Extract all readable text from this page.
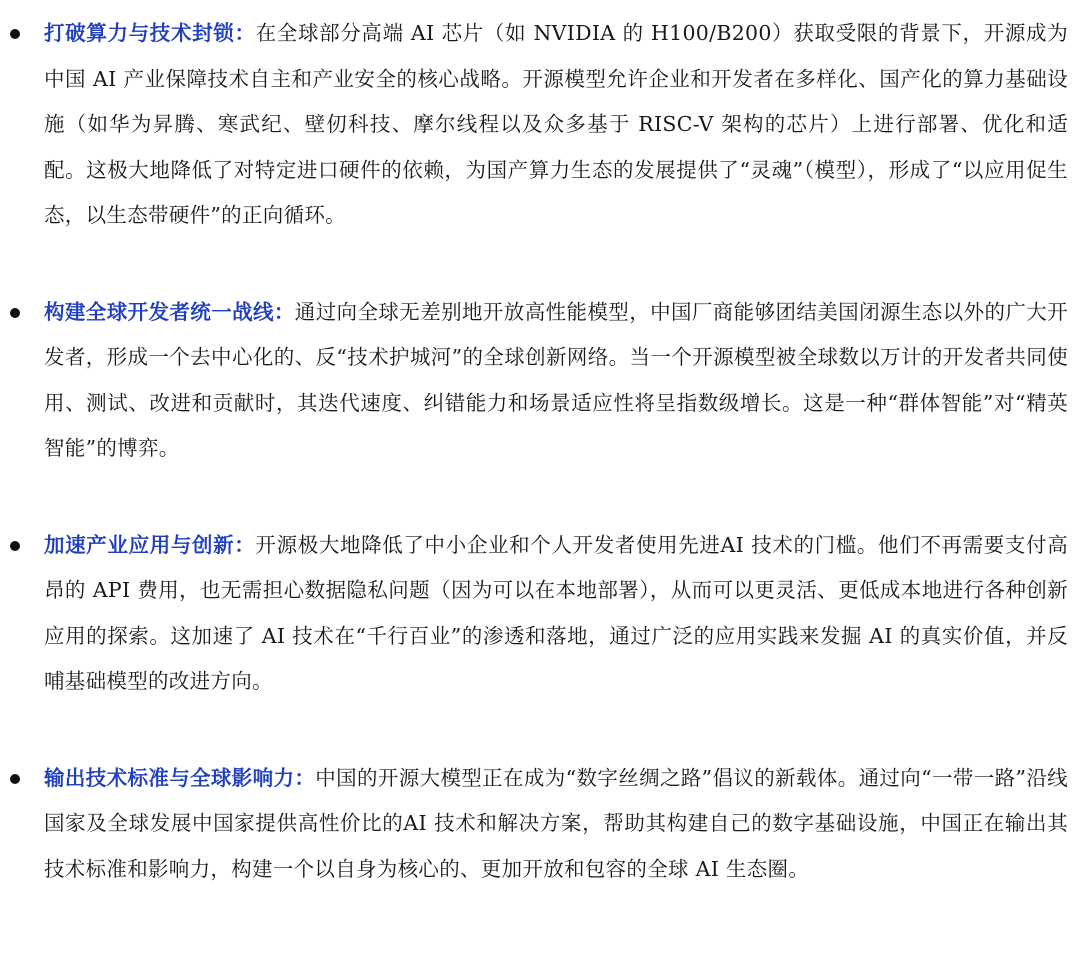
打破算力与技术封锁：在全球部分高端 AI 芯片（如 NVIDIA 的 H100/B200）获取受限的背景下，开源成为中国 AI 产业保障技术自主和产业安全的核心战略。开源模型允许企业和开发者在多样化、国产化的算力基础设施（如华为昇腾、寒武纪、壁仞科技、摩尔线程以及众多基于 RISC-V 架构的芯片）上进行部署、优化和适配。这极大地降低了对特定进口硬件的依赖，为国产算力生态的发展提供了“灵魂”（模型），形成了“以应用促生态，以生态带硬件”的正向循环。

构建全球开发者统一战线：通过向全球无差别地开放高性能模型，中国厂商能够团结美国闭源生态以外的广大开发者，形成一个去中心化的、反“技术护城河”的全球创新网络。当一个开源模型被全球数以万计的开发者共同使用、测试、改进和贡献时，其迭代速度、纠错能力和场景适应性将呈指数级增长。这是一种“群体智能”对“精英智能”的博弈。

加速产业应用与创新：开源极大地降低了中小企业和个人开发者使用先进AI 技术的门槛。他们不再需要支付高昂的 API 费用，也无需担心数据隐私问题（因为可以在本地部署），从而可以更灵活、更低成本地进行各种创新应用的探索。这加速了 AI 技术在“千行百业”的渗透和落地，通过广泛的应用实践来发掘 AI 的真实价值，并反哺基础模型的改进方向。

输出技术标准与全球影响力：中国的开源大模型正在成为“数字丝绸之路”倡议的新载体。通过向“一带一路”沿线国家及全球发展中国家提供高性价比的AI 技术和解决方案，帮助其构建自己的数字基础设施，中国正在输出其技术标准和影响力，构建一个以自身为核心的、更加开放和包容的全球 AI 生态圈。
